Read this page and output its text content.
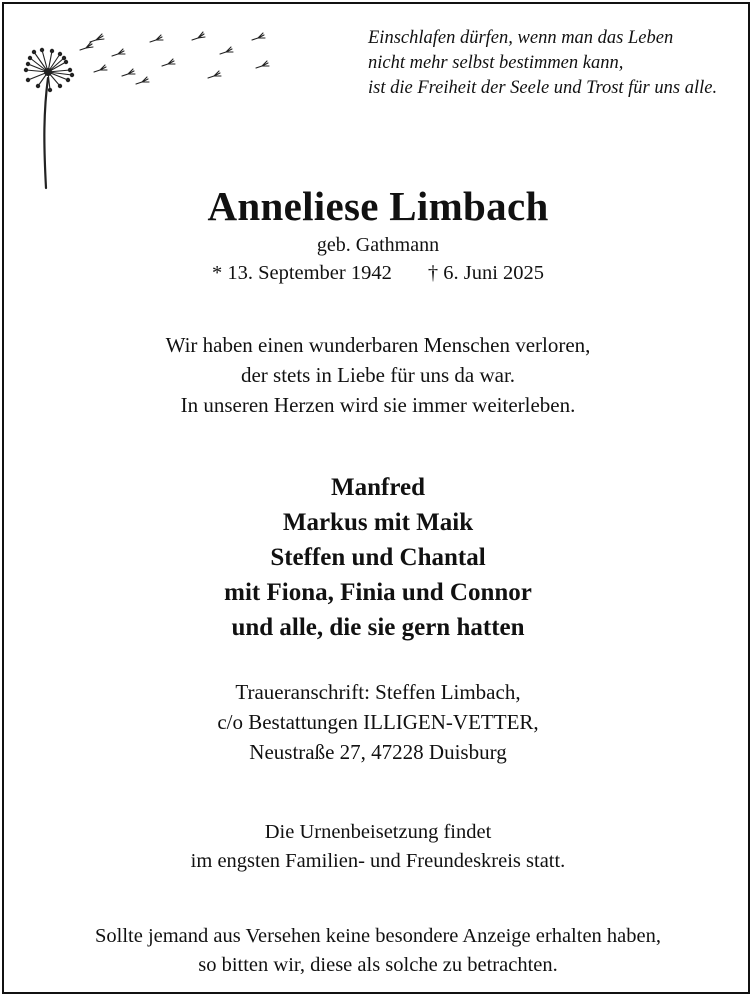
Einschlafen dürfen, wenn man das Leben
nicht mehr selbst bestimmen kann,
ist die Freiheit der Seele und Trost für uns alle.
Anneliese Limbach
geb. Gathmann
* 13. September 1942 † 6. Juni 2025
Wir haben einen wunderbaren Menschen verloren,
der stets in Liebe für uns da war.
In unseren Herzen wird sie immer weiterleben.
Manfred
Markus mit Maik
Steffen und Chantal
mit Fiona, Finia und Connor
und alle, die sie gern hatten
Traueranschrift: Steffen Limbach,
c/o Bestattungen ILLIGEN-VETTER,
Neustraße 27, 47228 Duisburg
Die Urnenbeisetzung findet
im engsten Familien- und Freundeskreis statt.
Sollte jemand aus Versehen keine besondere Anzeige erhalten haben,
so bitten wir, diese als solche zu betrachten.
